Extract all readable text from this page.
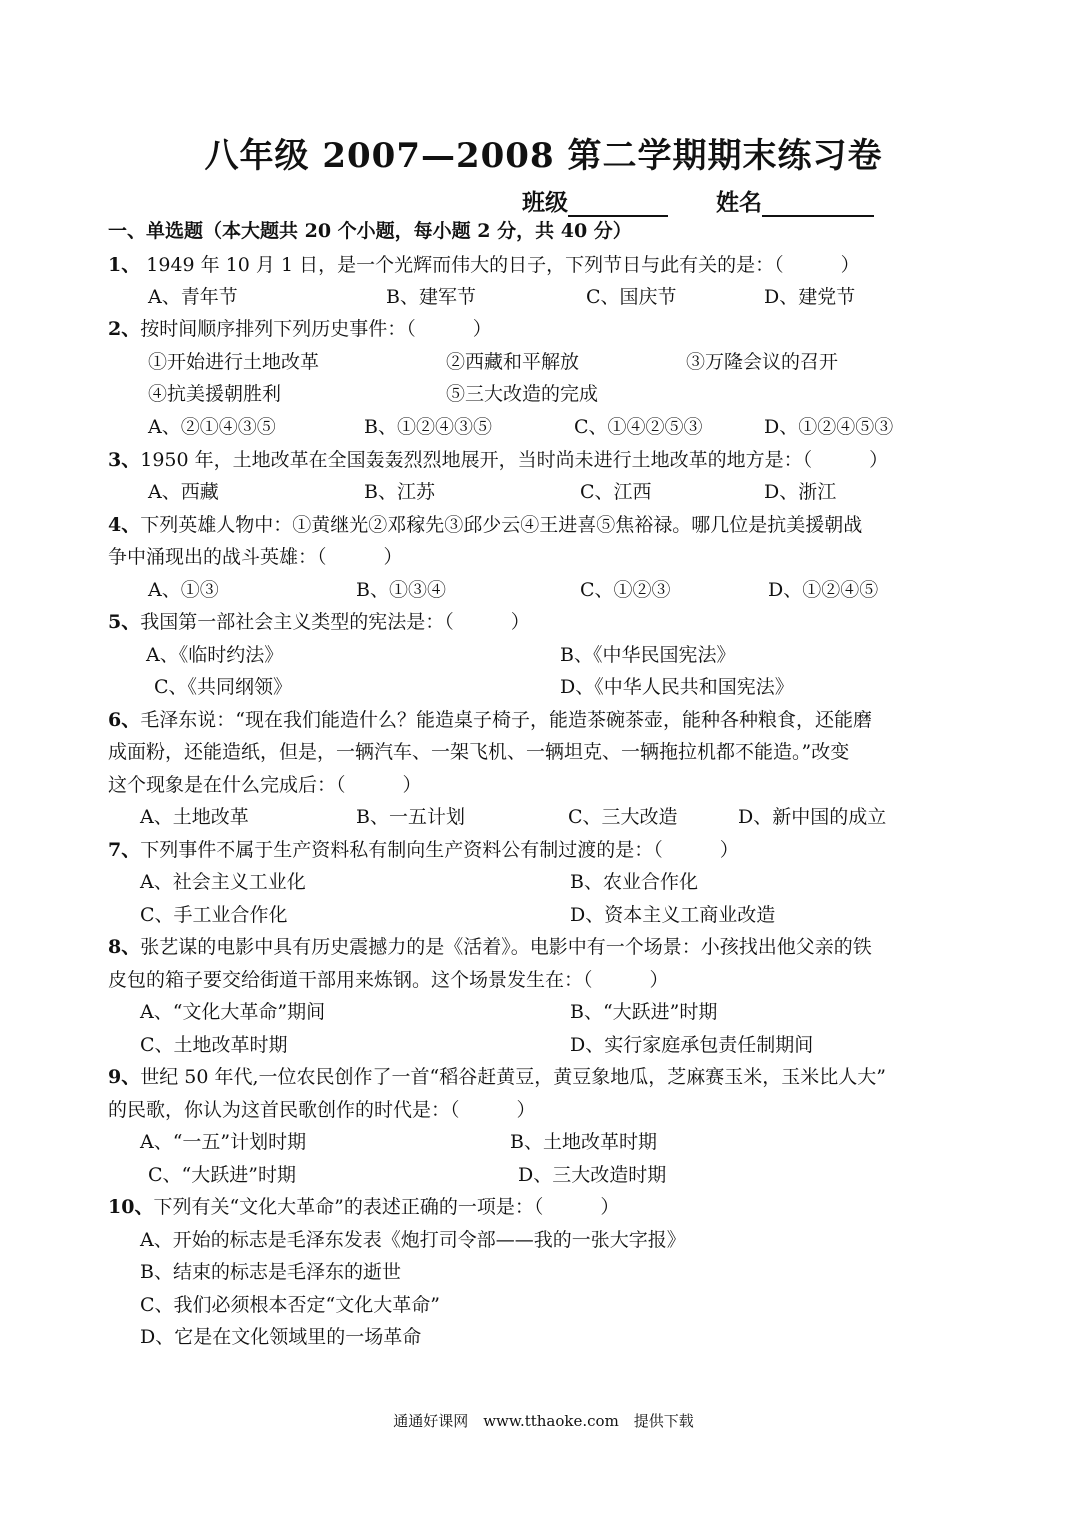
八年级 2007—2008 第二学期期末练习卷
班级	姓名
一、单选题（本大题共 20 个小题，每小题 2 分，共 40 分）
1、 1949 年 10 月 1 日，是一个光辉而伟大的日子，下列节日与此有关的是：（　　　）
A、青年节	B、建军节	C、国庆节	D、建党节
2、按时间顺序排列下列历史事件：（　　　）
①开始进行土地改革	②西藏和平解放	③万隆会议的召开
④抗美援朝胜利	⑤三大改造的完成
A、②①④③⑤	B、①②④③⑤	C、①④②⑤③	D、①②④⑤③
3、1950 年，土地改革在全国轰轰烈烈地展开，当时尚未进行土地改革的地方是：（　　　）
A、西藏	B、江苏	C、江西	D、浙江
4、下列英雄人物中：①黄继光②邓稼先③邱少云④王进喜⑤焦裕禄。哪几位是抗美援朝战
争中涌现出的战斗英雄：（　　　）
A、①③	B、①③④	C、①②③	D、①②④⑤
5、我国第一部社会主义类型的宪法是：（　　　）
A、《临时约法》	B、《中华民国宪法》
C、《共同纲领》	D、《中华人民共和国宪法》
6、毛泽东说：“现在我们能造什么？能造桌子椅子，能造茶碗茶壶，能种各种粮食，还能磨
成面粉，还能造纸，但是，一辆汽车、一架飞机、一辆坦克、一辆拖拉机都不能造。”改变
这个现象是在什么完成后：（　　　）
A、土地改革	B、一五计划	C、三大改造	D、新中国的成立
7、下列事件不属于生产资料私有制向生产资料公有制过渡的是：（　　　）
A、社会主义工业化	B、农业合作化
C、手工业合作化	D、资本主义工商业改造
8、张艺谋的电影中具有历史震撼力的是《活着》。电影中有一个场景：小孩找出他父亲的铁
皮包的箱子要交给街道干部用来炼钢。这个场景发生在：（　　　）
A、“文化大革命”期间	B、“大跃进”时期
C、土地改革时期	D、实行家庭承包责任制期间
9、世纪 50 年代,一位农民创作了一首“稻谷赶黄豆，黄豆象地瓜，芝麻赛玉米，玉米比人大”
的民歌，你认为这首民歌创作的时代是：（　　　）
A、“一五”计划时期	B、土地改革时期
C、“大跃进”时期	D、三大改造时期
10、下列有关“文化大革命”的表述正确的一项是：（　　　）
A、开始的标志是毛泽东发表《炮打司令部——我的一张大字报》
B、结束的标志是毛泽东的逝世
C、我们必须根本否定“文化大革命”
D、它是在文化领域里的一场革命
通通好课网　www.tthaoke.com　提供下载
